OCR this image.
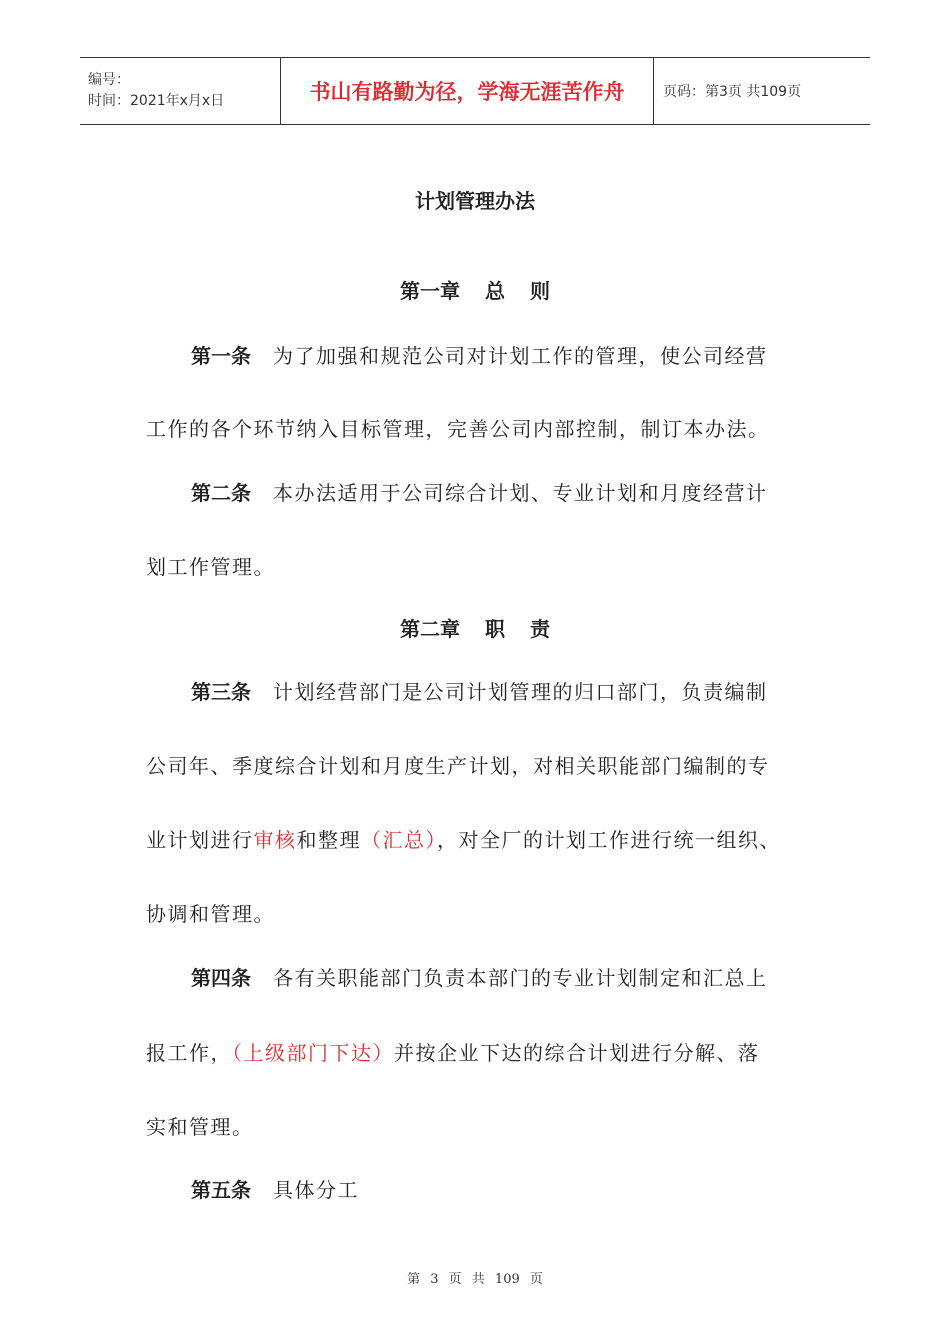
编号：
时间：2021年x月x日	书山有路勤为径，学海无涯苦作舟	页码：第3页 共109页
计划管理办法
第一章 总 则
第一条 为了加强和规范公司对计划工作的管理，使公司经营
工作的各个环节纳入目标管理，完善公司内部控制，制订本办法。
第二条 本办法适用于公司综合计划、专业计划和月度经营计
划工作管理。
第二章 职 责
第三条 计划经营部门是公司计划管理的归口部门，负责编制
公司年、季度综合计划和月度生产计划，对相关职能部门编制的专
业计划进行审核和整理（汇总），对全厂的计划工作进行统一组织、
协调和管理。
第四条 各有关职能部门负责本部门的专业计划制定和汇总上
报工作，（上级部门下达）并按企业下达的综合计划进行分解、落
实和管理。
第五条 具体分工
第 3 页 共 109 页
